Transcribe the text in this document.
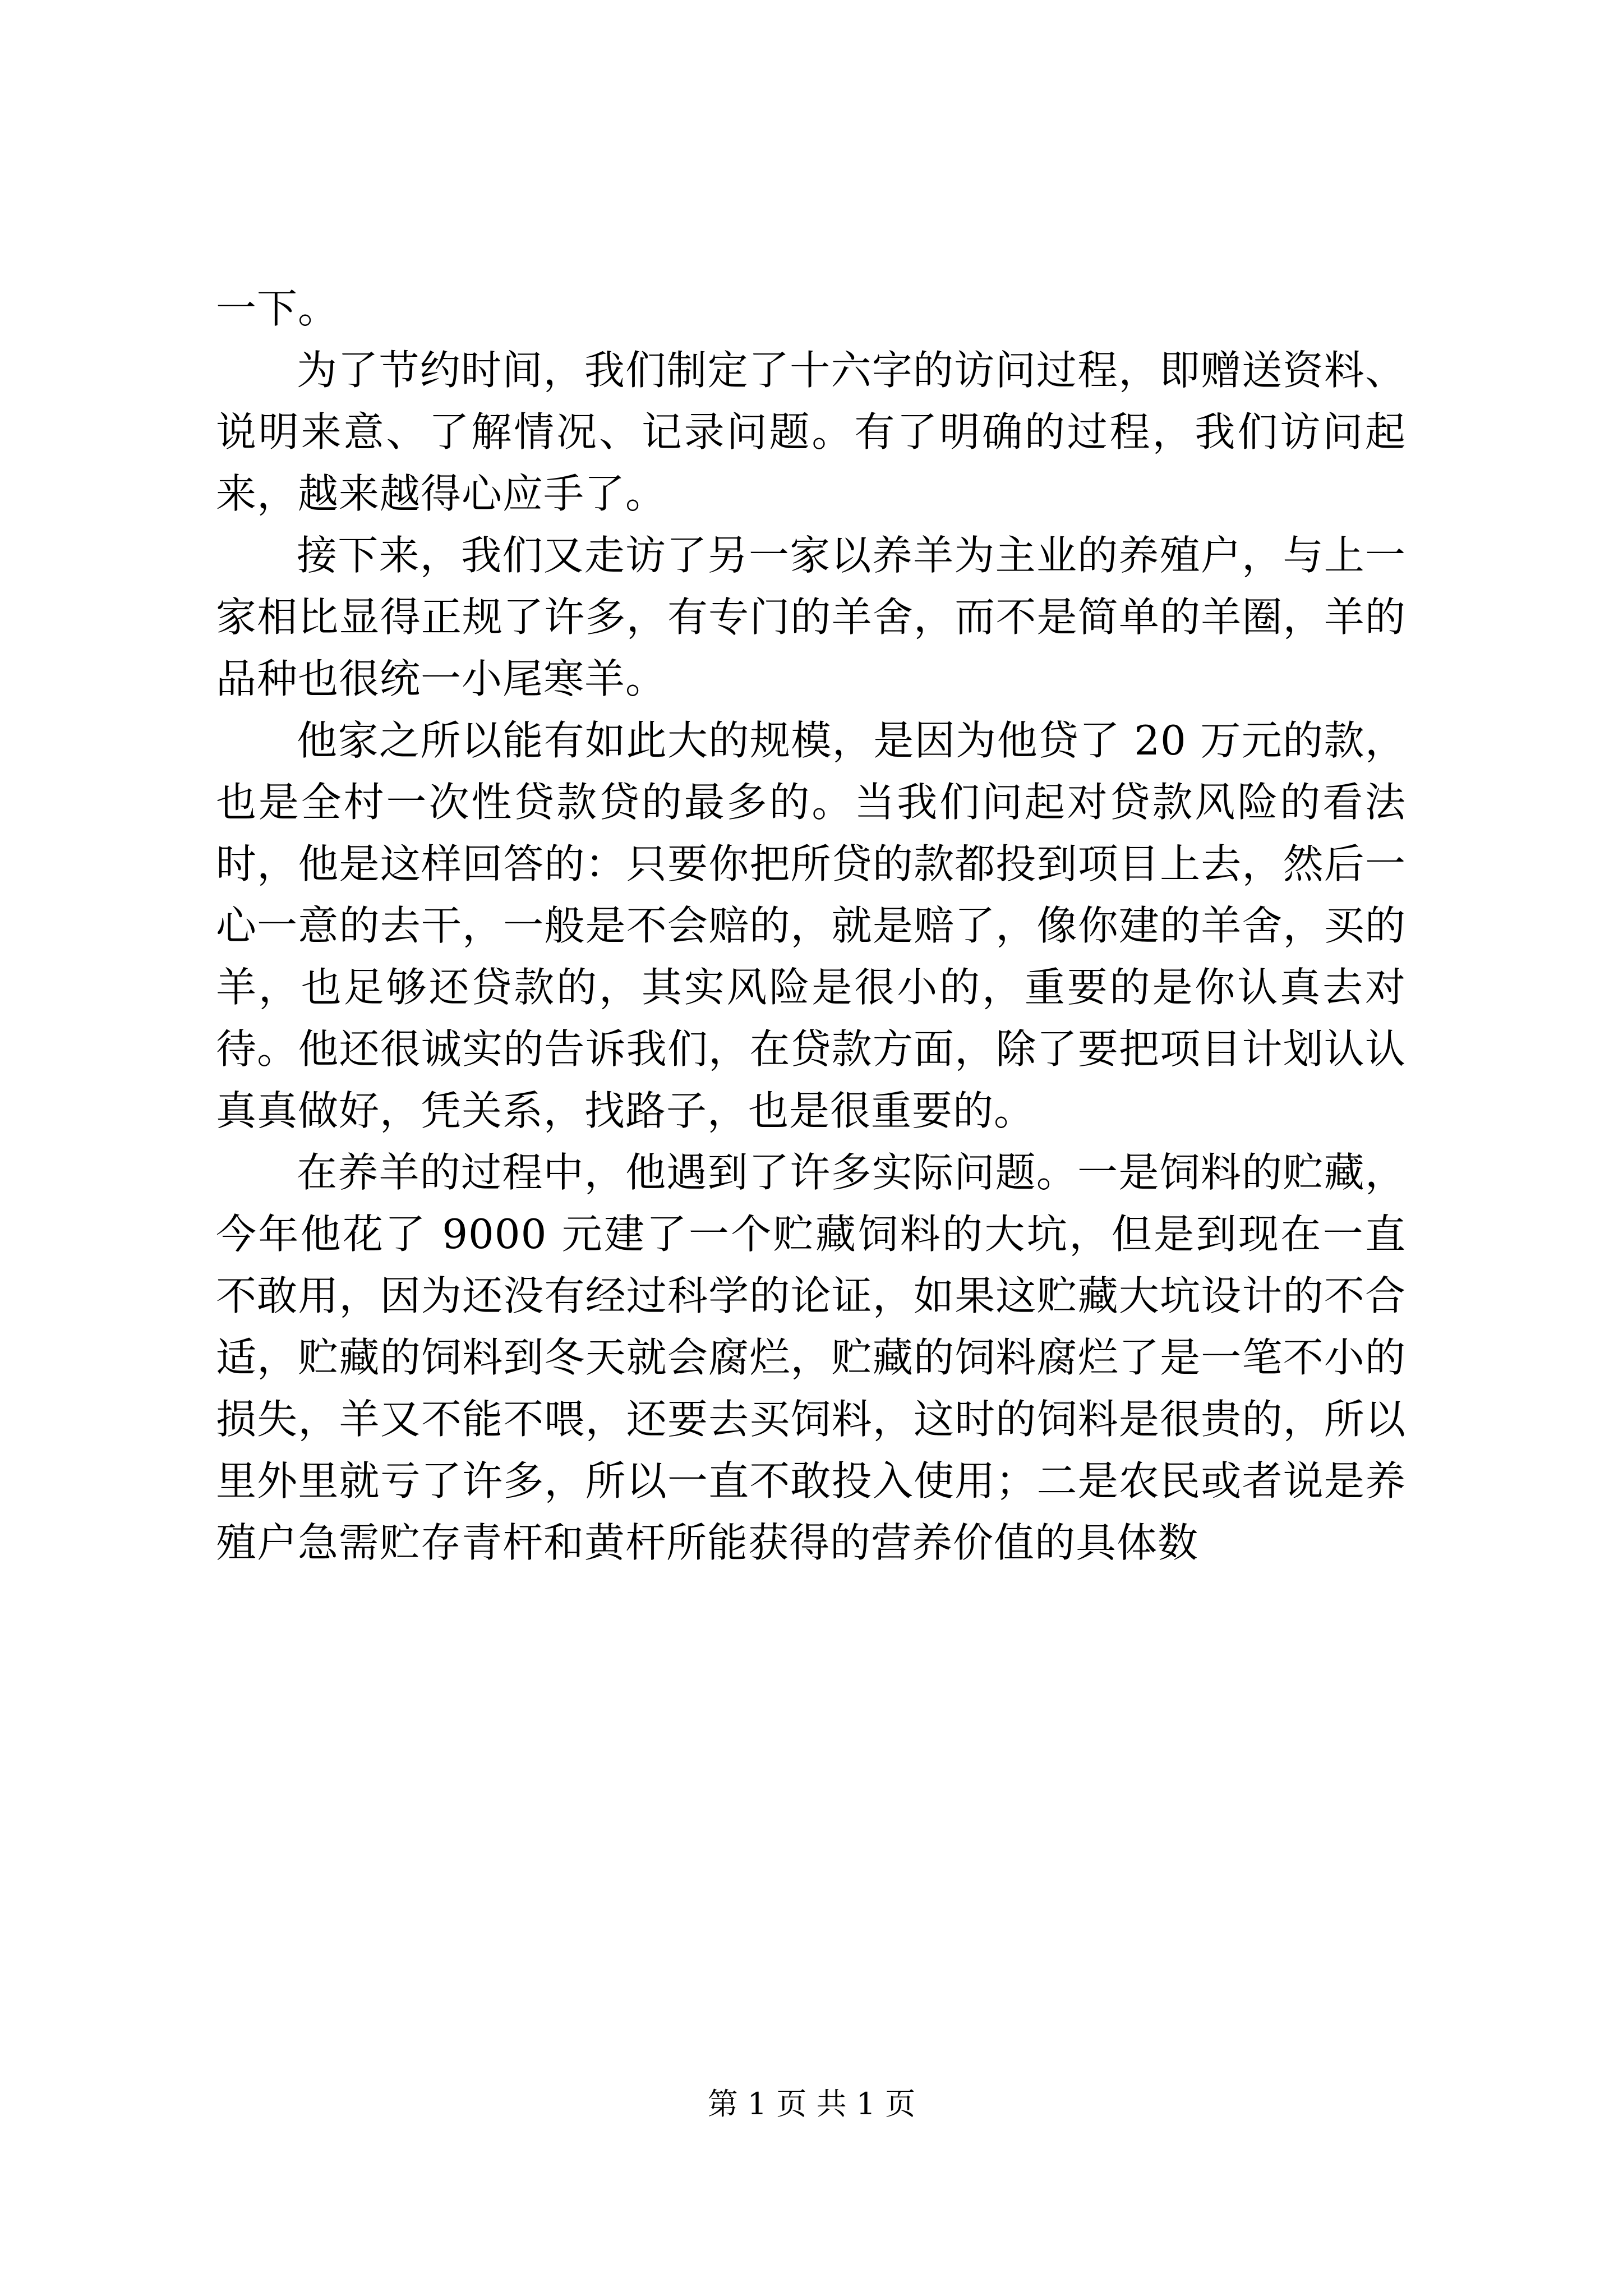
一下。

为了节约时间，我们制定了十六字的访问过程，即赠送资料、说明来意、了解情况、记录问题。有了明确的过程，我们访问起来，越来越得心应手了。

接下来，我们又走访了另一家以养羊为主业的养殖户，与上一家相比显得正规了许多，有专门的羊舍，而不是简单的羊圈，羊的品种也很统一小尾寒羊。

他家之所以能有如此大的规模，是因为他贷了 20 万元的款，也是全村一次性贷款贷的最多的。当我们问起对贷款风险的看法时，他是这样回答的：只要你把所贷的款都投到项目上去，然后一心一意的去干，一般是不会赔的，就是赔了，像你建的羊舍，买的羊，也足够还贷款的，其实风险是很小的，重要的是你认真去对待。他还很诚实的告诉我们，在贷款方面，除了要把项目计划认认真真做好，凭关系，找路子，也是很重要的。

在养羊的过程中，他遇到了许多实际问题。一是饲料的贮藏，今年他花了 9000 元建了一个贮藏饲料的大坑，但是到现在一直不敢用，因为还没有经过科学的论证，如果这贮藏大坑设计的不合适，贮藏的饲料到冬天就会腐烂，贮藏的饲料腐烂了是一笔不小的损失，羊又不能不喂，还要去买饲料，这时的饲料是很贵的，所以里外里就亏了许多，所以一直不敢投入使用；二是农民或者说是养殖户急需贮存青杆和黄杆所能获得的营养价值的具体数

第 1 页 共 1 页
